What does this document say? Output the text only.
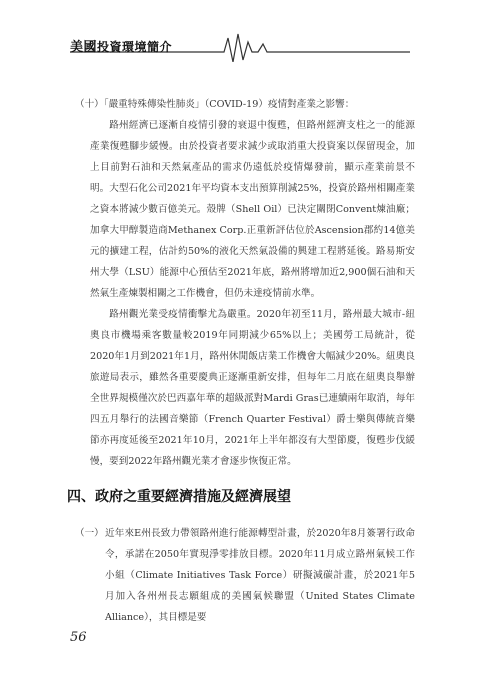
美國投資環境簡介
（十）「嚴重特殊傳染性肺炎」（COVID-19）疫情對產業之影響：

路州經濟已逐漸自疫情引發的衰退中復甦，但路州經濟支柱之一的能源產業復甦腳步緩慢。由於投資者要求減少或取消重大投資案以保留現金，加上目前對石油和天然氣產品的需求仍遠低於疫情爆發前，顯示產業前景不明。大型石化公司2021年平均資本支出預算削減25%，投資於路州相關產業之資本將減少數百億美元。殼牌（Shell Oil）已決定關閉Convent煉油廠；加拿大甲醇製造商Methanex Corp.正重新評估位於Ascension郡約14億美元的擴建工程，估計約50%的液化天然氣設備的興建工程將延後。路易斯安州大學（LSU）能源中心預估至2021年底，路州將增加近2,900個石油和天然氣生產煉製相關之工作機會，但仍未達疫情前水準。

路州觀光業受疫情衝擊尤為嚴重。2020年初至11月，路州最大城市-紐奧良市機場乘客數量較2019年同期減少65%以上；美國勞工局統計，從2020年1月到2021年1月，路州休閒飯店業工作機會大幅減少20%。紐奧良旅遊局表示，雖然各重要慶典正逐漸重新安排，但每年二月底在紐奧良舉辦全世界規模僅次於巴西嘉年華的超級派對Mardi Gras已連續兩年取消，每年四五月舉行的法國音樂節（French Quarter Festival）爵士樂與傳統音樂節亦再度延後至2021年10月，2021年上半年都沒有大型節慶，復甦步伐緩慢，要到2022年路州觀光業才會逐步恢復正常。

四、政府之重要經濟措施及經濟展望
（一） 近年來E州長致力帶領路州進行能源轉型計畫，於2020年8月簽署行政命令，承諾在2050年實現淨零排放目標。2020年11月成立路州氣候工作小組（Climate Initiatives Task Force）研擬減碳計畫，於2021年5月加入各州州長志願組成的美國氣候聯盟（United States Climate Alliance），其目標是要
56
